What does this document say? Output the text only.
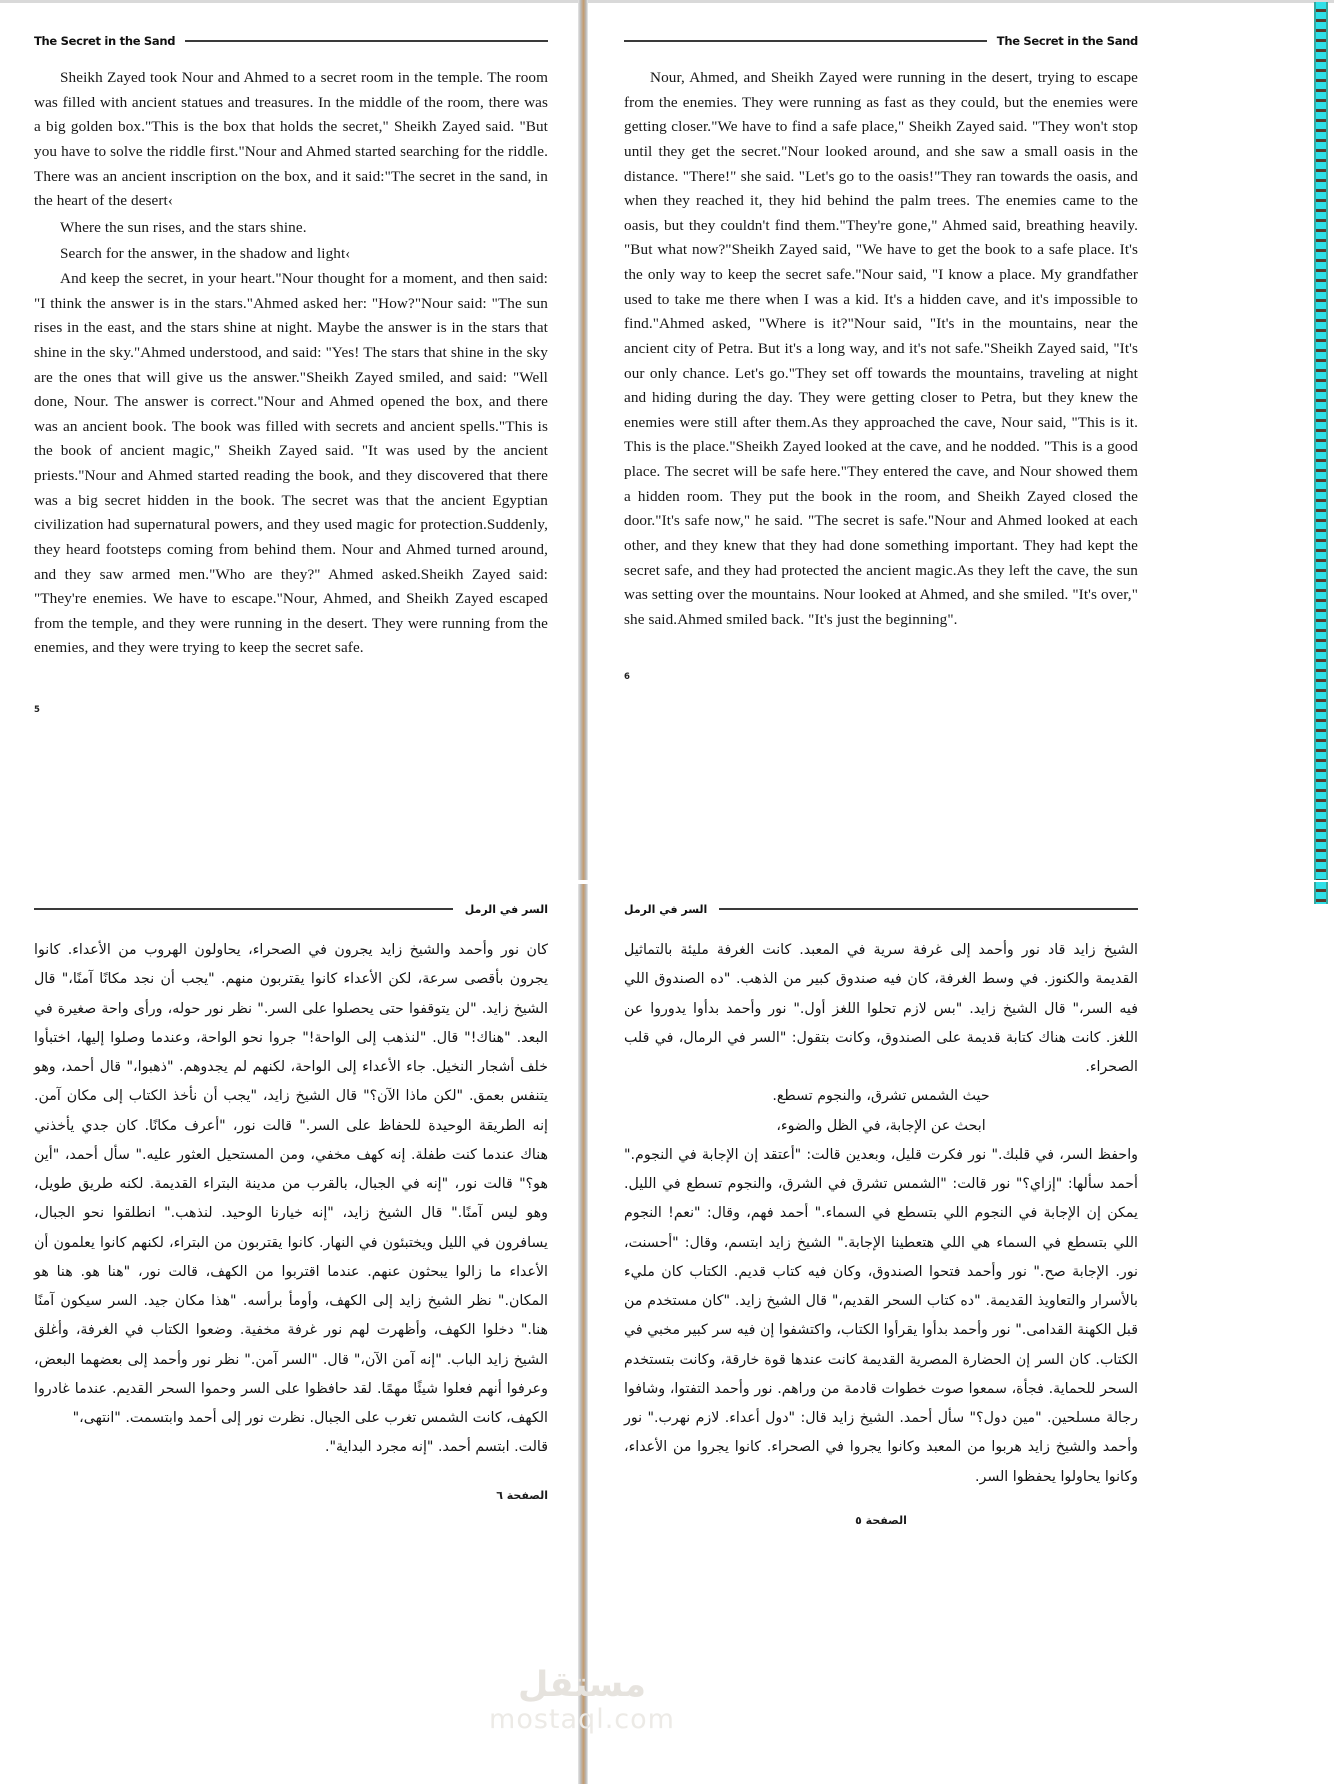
The Secret in the Sand

Sheikh Zayed took Nour and Ahmed to a secret room in the temple. The room was filled with ancient statues and treasures. In the middle of the room, there was a big golden box."This is the box that holds the secret," Sheikh Zayed said. "But you have to solve the riddle first."Nour and Ahmed started searching for the riddle. There was an ancient inscription on the box, and it said:"The secret in the sand, in the heart of the desert‹

Where the sun rises, and the stars shine.

Search for the answer, in the shadow and light‹

And keep the secret, in your heart."Nour thought for a moment, and then said: "I think the answer is in the stars."Ahmed asked her: "How?"Nour said: "The sun rises in the east, and the stars shine at night. Maybe the answer is in the stars that shine in the sky."Ahmed understood, and said: "Yes! The stars that shine in the sky are the ones that will give us the answer."Sheikh Zayed smiled, and said: "Well done, Nour. The answer is correct."Nour and Ahmed opened the box, and there was an ancient book. The book was filled with secrets and ancient spells."This is the book of ancient magic," Sheikh Zayed said. "It was used by the ancient priests."Nour and Ahmed started reading the book, and they discovered that there was a big secret hidden in the book. The secret was that the ancient Egyptian civilization had supernatural powers, and they used magic for protection.Suddenly, they heard footsteps coming from behind them. Nour and Ahmed turned around, and they saw armed men."Who are they?" Ahmed asked.Sheikh Zayed said: "They're enemies. We have to escape."Nour, Ahmed, and Sheikh Zayed escaped from the temple, and they were running in the desert. They were running from the enemies, and they were trying to keep the secret safe.

5
The Secret in the Sand

Nour, Ahmed, and Sheikh Zayed were running in the desert, trying to escape from the enemies. They were running as fast as they could, but the enemies were getting closer."We have to find a safe place," Sheikh Zayed said. "They won't stop until they get the secret."Nour looked around, and she saw a small oasis in the distance. "There!" she said. "Let's go to the oasis!"They ran towards the oasis, and when they reached it, they hid behind the palm trees. The enemies came to the oasis, but they couldn't find them."They're gone," Ahmed said, breathing heavily. "But what now?"Sheikh Zayed said, "We have to get the book to a safe place. It's the only way to keep the secret safe."Nour said, "I know a place. My grandfather used to take me there when I was a kid. It's a hidden cave, and it's impossible to find."Ahmed asked, "Where is it?"Nour said, "It's in the mountains, near the ancient city of Petra. But it's a long way, and it's not safe."Sheikh Zayed said, "It's our only chance. Let's go."They set off towards the mountains, traveling at night and hiding during the day. They were getting closer to Petra, but they knew the enemies were still after them.As they approached the cave, Nour said, "This is it. This is the place."Sheikh Zayed looked at the cave, and he nodded. "This is a good place. The secret will be safe here."They entered the cave, and Nour showed them a hidden room. They put the book in the room, and Sheikh Zayed closed the door."It's safe now," he said. "The secret is safe."Nour and Ahmed looked at each other, and they knew that they had done something important. They had kept the secret safe, and they had protected the ancient magic.As they left the cave, the sun was setting over the mountains. Nour looked at Ahmed, and she smiled. "It's over," she said.Ahmed smiled back. "It's just the beginning".

6
السر في الرمل

كان نور وأحمد والشيخ زايد يجرون في الصحراء، يحاولون الهروب من الأعداء. كانوا يجرون بأقصى سرعة، لكن الأعداء كانوا يقتربون منهم. "يجب أن نجد مكانًا آمنًا،" قال الشيخ زايد. "لن يتوقفوا حتى يحصلوا على السر." نظر نور حوله، ورأى واحة صغيرة في البعد. "هناك!" قال. "لنذهب إلى الواحة!" جروا نحو الواحة، وعندما وصلوا إليها، اختبأوا خلف أشجار النخيل. جاء الأعداء إلى الواحة، لكنهم لم يجدوهم. "ذهبوا،" قال أحمد، وهو يتنفس بعمق. "لكن ماذا الآن؟" قال الشيخ زايد، "يجب أن نأخذ الكتاب إلى مكان آمن. إنه الطريقة الوحيدة للحفاظ على السر." قالت نور، "أعرف مكانًا. كان جدي يأخذني هناك عندما كنت طفلة. إنه كهف مخفي، ومن المستحيل العثور عليه." سأل أحمد، "أين هو؟" قالت نور، "إنه في الجبال، بالقرب من مدينة البتراء القديمة. لكنه طريق طويل، وهو ليس آمنًا." قال الشيخ زايد، "إنه خيارنا الوحيد. لنذهب." انطلقوا نحو الجبال، يسافرون في الليل ويختبئون في النهار. كانوا يقتربون من البتراء، لكنهم كانوا يعلمون أن الأعداء ما زالوا يبحثون عنهم. عندما اقتربوا من الكهف، قالت نور، "هنا هو. هنا هو المكان." نظر الشيخ زايد إلى الكهف، وأومأ برأسه. "هذا مكان جيد. السر سيكون آمنًا هنا." دخلوا الكهف، وأظهرت لهم نور غرفة مخفية. وضعوا الكتاب في الغرفة، وأغلق الشيخ زايد الباب. "إنه آمن الآن،" قال. "السر آمن." نظر نور وأحمد إلى بعضهما البعض، وعرفوا أنهم فعلوا شيئًا مهمًا. لقد حافظوا على السر وحموا السحر القديم. عندما غادروا الكهف، كانت الشمس تغرب على الجبال. نظرت نور إلى أحمد وابتسمت. "انتهى،"

قالت. ابتسم أحمد. "إنه مجرد البداية".

الصفحة ٦
السر في الرمل

الشيخ زايد قاد نور وأحمد إلى غرفة سرية في المعبد. كانت الغرفة مليئة بالتماثيل القديمة والكنوز. في وسط الغرفة، كان فيه صندوق كبير من الذهب. "ده الصندوق اللي فيه السر،" قال الشيخ زايد. "بس لازم تحلوا اللغز أول." نور وأحمد بدأوا يدوروا عن اللغز. كانت هناك كتابة قديمة على الصندوق، وكانت بتقول: "السر في الرمال، في قلب الصحراء.

حيث الشمس تشرق، والنجوم تسطع.

ابحث عن الإجابة، في الظل والضوء،

واحفظ السر، في قلبك." نور فكرت قليل، وبعدين قالت: "أعتقد إن الإجابة في النجوم." أحمد سألها: "إزاي؟" نور قالت: "الشمس تشرق في الشرق، والنجوم تسطع في الليل. يمكن إن الإجابة في النجوم اللي بتسطع في السماء." أحمد فهم، وقال: "نعم! النجوم اللي بتسطع في السماء هي اللي هتعطينا الإجابة." الشيخ زايد ابتسم، وقال: "أحسنت، نور. الإجابة صح." نور وأحمد فتحوا الصندوق، وكان فيه كتاب قديم. الكتاب كان مليء بالأسرار والتعاويذ القديمة. "ده كتاب السحر القديم،" قال الشيخ زايد. "كان مستخدم من قبل الكهنة القدامى." نور وأحمد بدأوا يقرأوا الكتاب، واكتشفوا إن فيه سر كبير مخبي في الكتاب. كان السر إن الحضارة المصرية القديمة كانت عندها قوة خارقة، وكانت بتستخدم السحر للحماية. فجأة، سمعوا صوت خطوات قادمة من وراهم. نور وأحمد التفتوا، وشافوا رجالة مسلحين. "مين دول؟" سأل أحمد. الشيخ زايد قال: "دول أعداء. لازم نهرب." نور وأحمد والشيخ زايد هربوا من المعبد وكانوا يجروا في الصحراء. كانوا يجروا من الأعداء، وكانوا يحاولوا يحفظوا السر.

الصفحة ٥
مستقل
mostaql.com
